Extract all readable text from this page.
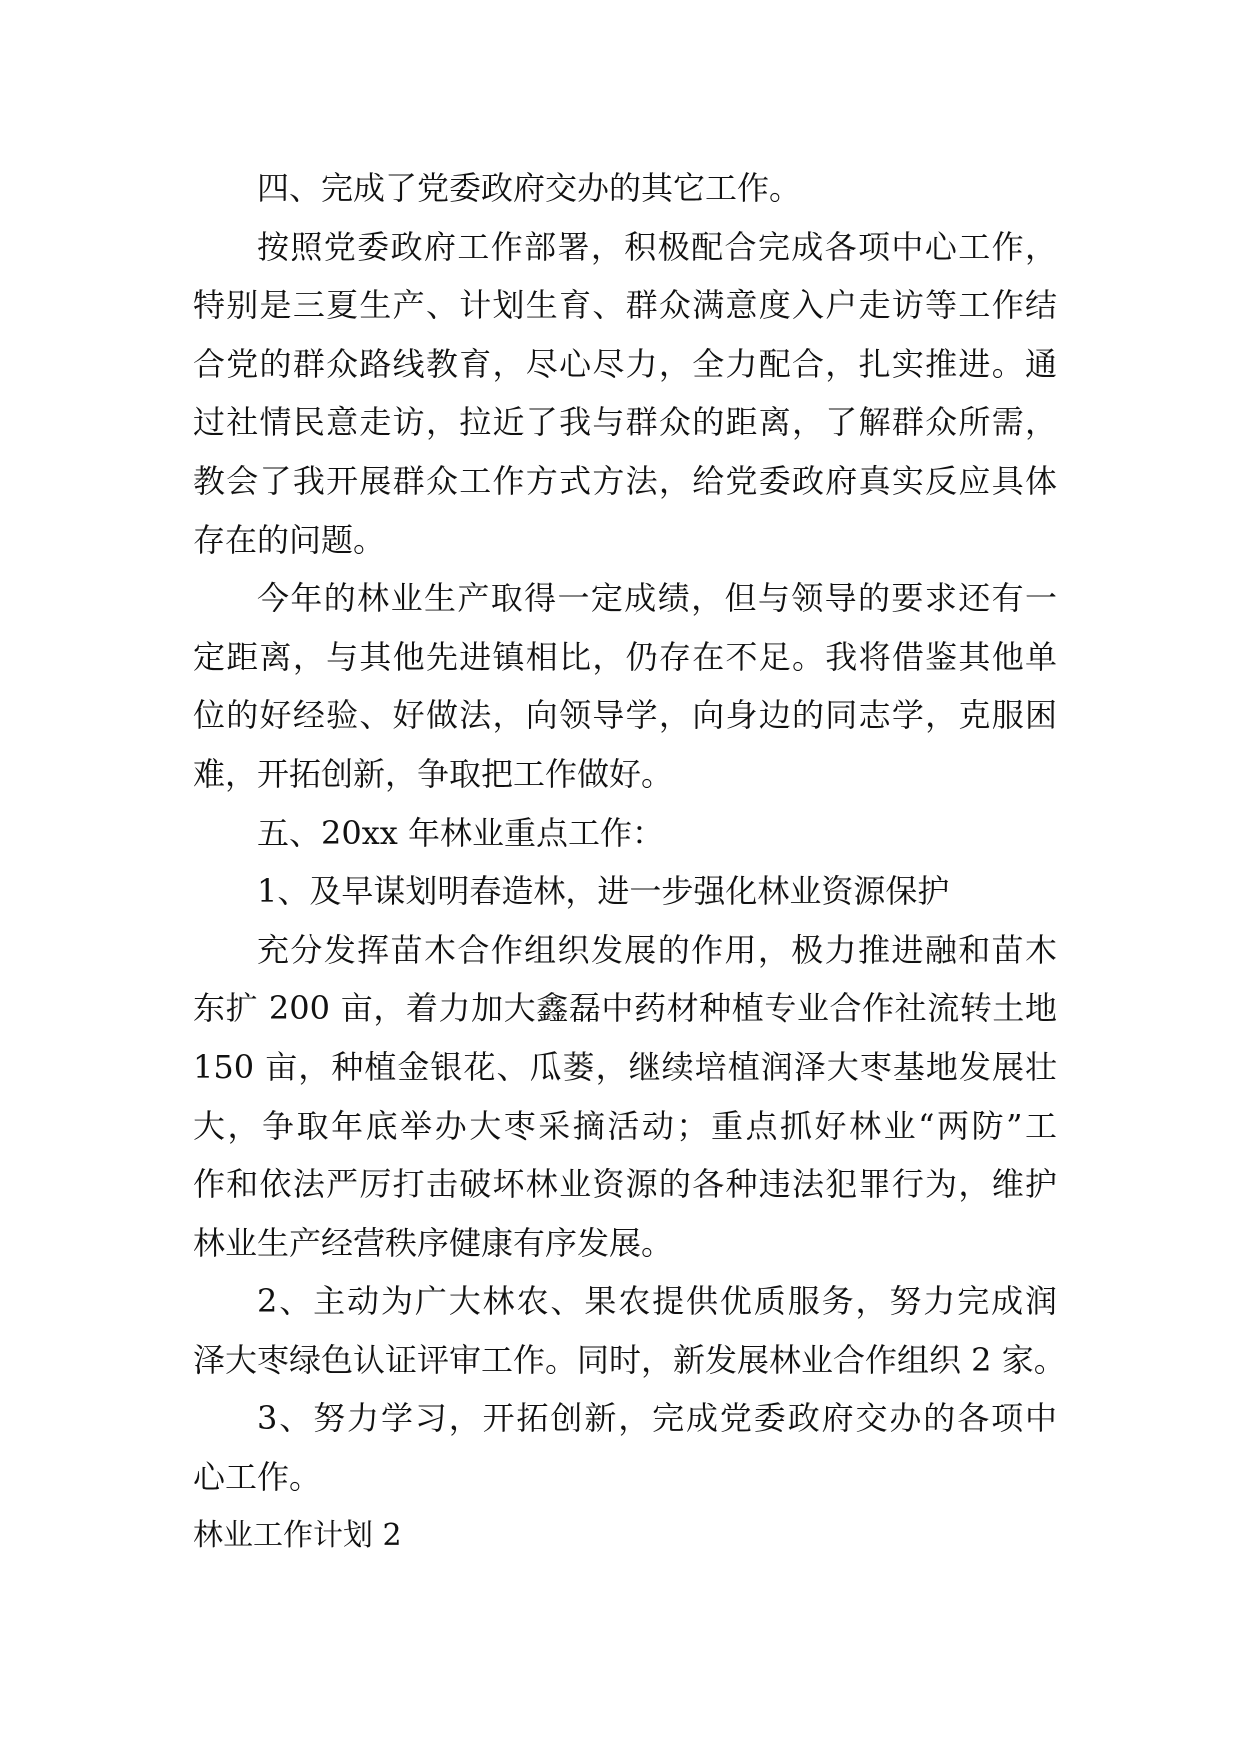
四、完成了党委政府交办的其它工作。
按照党委政府工作部署，积极配合完成各项中心工作，
特别是三夏生产、计划生育、群众满意度入户走访等工作结
合党的群众路线教育，尽心尽力，全力配合，扎实推进。通
过社情民意走访，拉近了我与群众的距离，了解群众所需，
教会了我开展群众工作方式方法，给党委政府真实反应具体
存在的问题。
今年的林业生产取得一定成绩，但与领导的要求还有一
定距离，与其他先进镇相比，仍存在不足。我将借鉴其他单
位的好经验、好做法，向领导学，向身边的同志学，克服困
难，开拓创新，争取把工作做好。
五、20xx 年林业重点工作：
1、及早谋划明春造林，进一步强化林业资源保护
充分发挥苗木合作组织发展的作用，极力推进融和苗木
东扩 200 亩，着力加大鑫磊中药材种植专业合作社流转土地
150 亩，种植金银花、瓜蒌，继续培植润泽大枣基地发展壮
大，争取年底举办大枣采摘活动；重点抓好林业“两防”工
作和依法严厉打击破坏林业资源的各种违法犯罪行为，维护
林业生产经营秩序健康有序发展。
2、主动为广大林农、果农提供优质服务，努力完成润
泽大枣绿色认证评审工作。同时，新发展林业合作组织 2 家。
3、努力学习，开拓创新，完成党委政府交办的各项中
心工作。
林业工作计划 2
